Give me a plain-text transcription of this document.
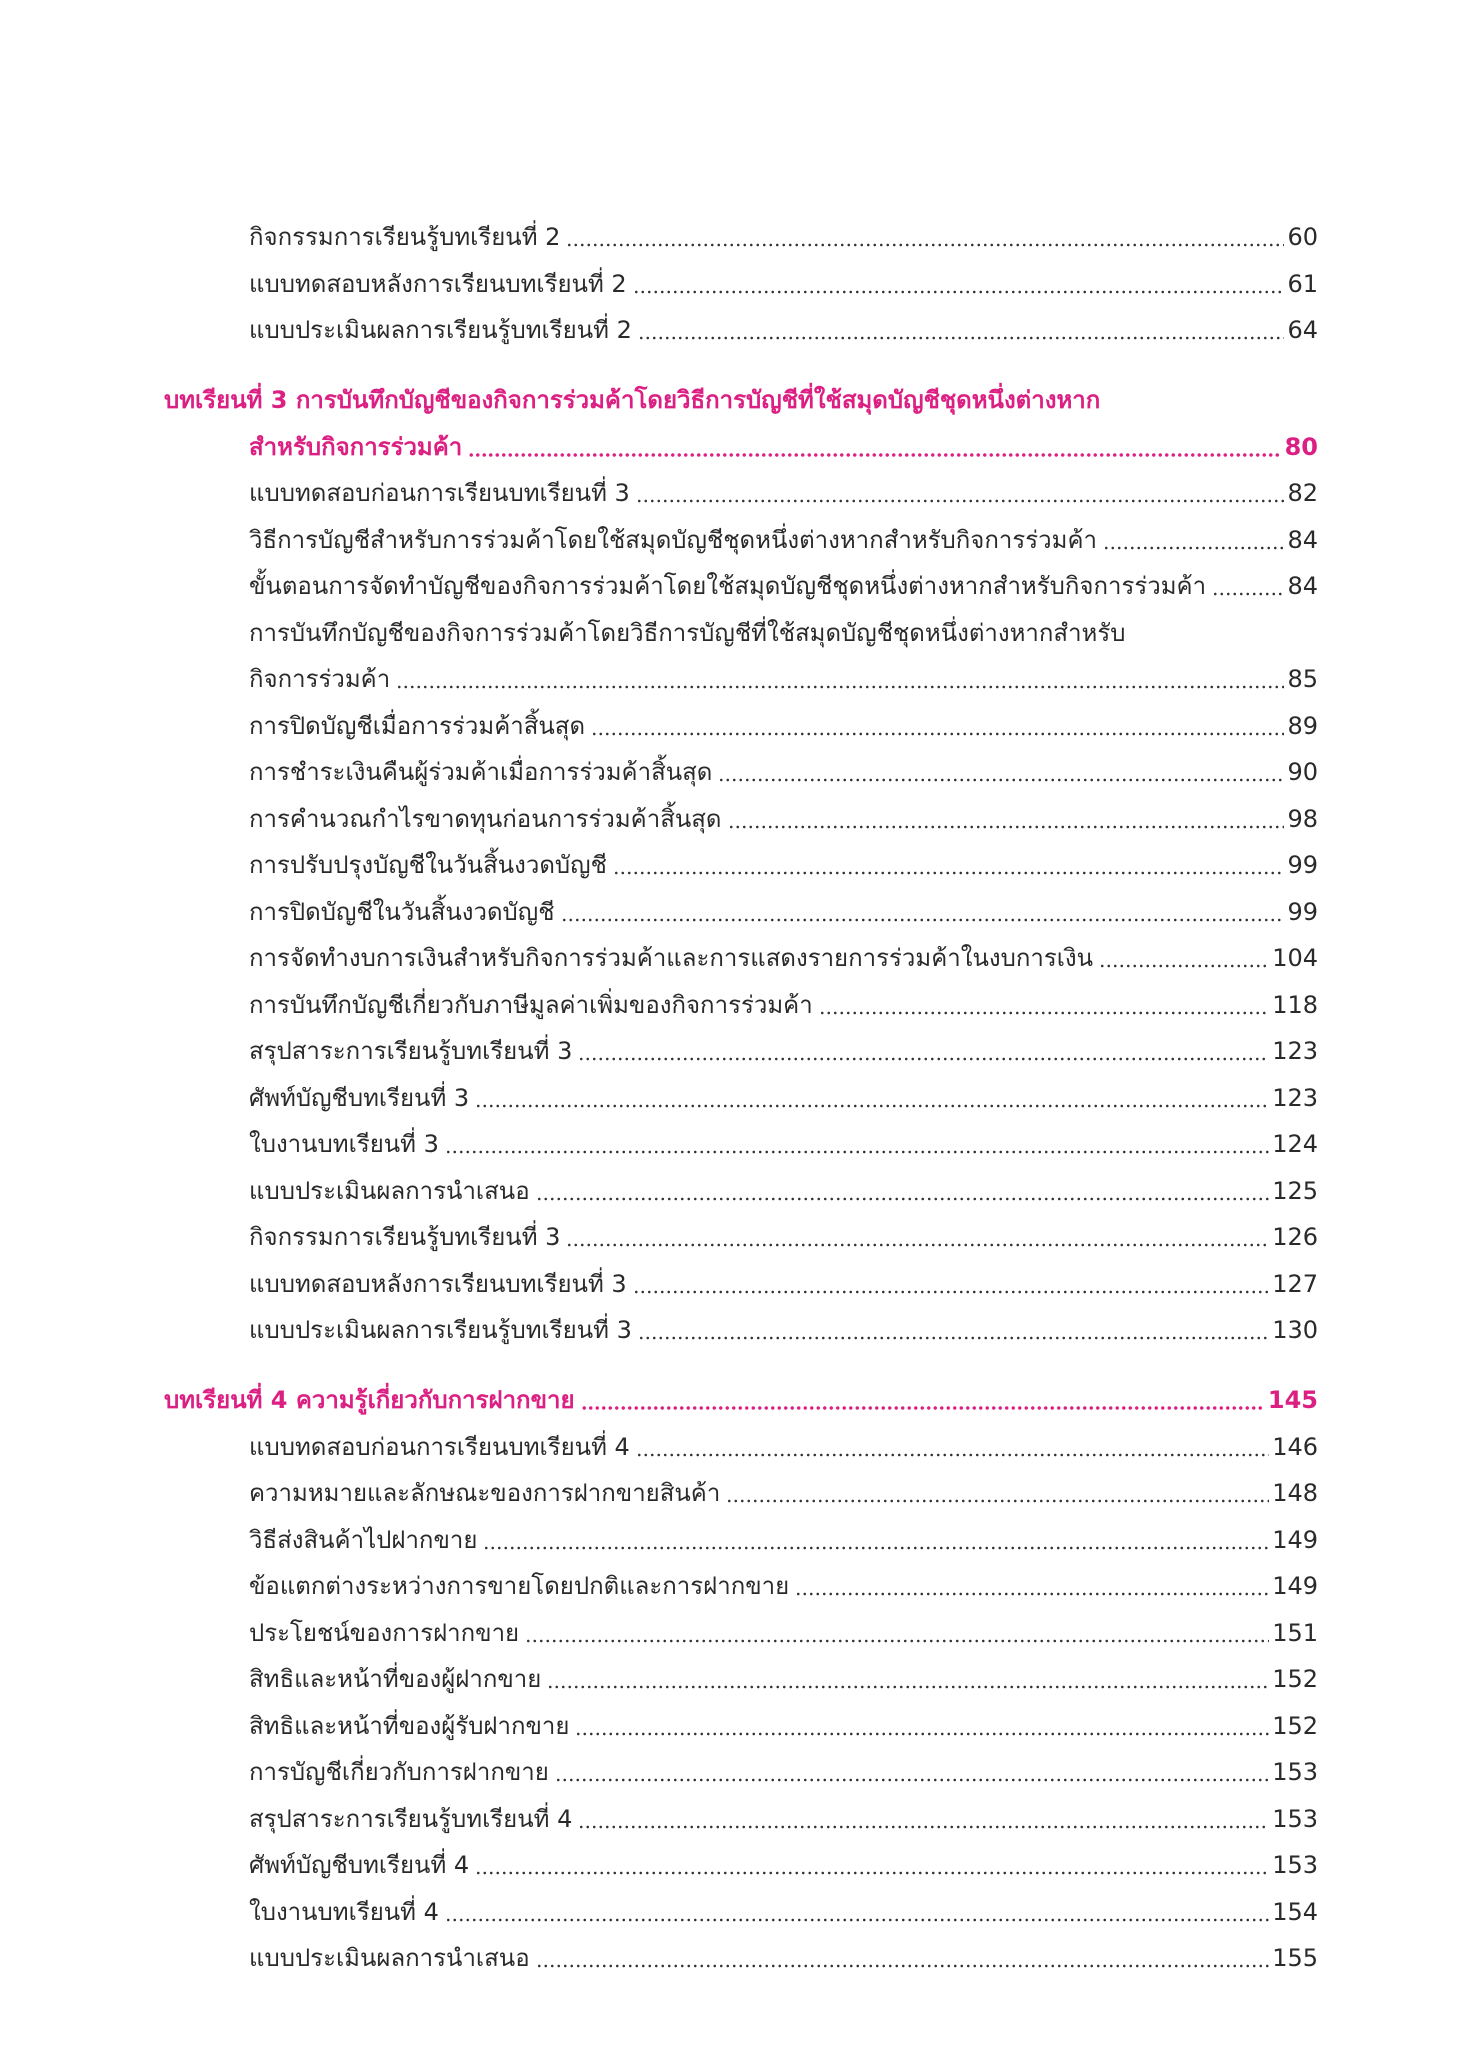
กิจกรรมการเรียนรู้บทเรียนที่ 2	60
แบบทดสอบหลังการเรียนบทเรียนที่ 2	61
แบบประเมินผลการเรียนรู้บทเรียนที่ 2	64
บทเรียนที่ 3 การบันทึกบัญชีของกิจการร่วมค้าโดยวิธีการบัญชีที่ใช้สมุดบัญชีชุดหนึ่งต่างหาก
สำหรับกิจการร่วมค้า	80
แบบทดสอบก่อนการเรียนบทเรียนที่ 3	82
วิธีการบัญชีสำหรับการร่วมค้าโดยใช้สมุดบัญชีชุดหนึ่งต่างหากสำหรับกิจการร่วมค้า	84
ขั้นตอนการจัดทำบัญชีของกิจการร่วมค้าโดยใช้สมุดบัญชีชุดหนึ่งต่างหากสำหรับกิจการร่วมค้า	84
การบันทึกบัญชีของกิจการร่วมค้าโดยวิธีการบัญชีที่ใช้สมุดบัญชีชุดหนึ่งต่างหากสำหรับ
กิจการร่วมค้า	85
การปิดบัญชีเมื่อการร่วมค้าสิ้นสุด	89
การชำระเงินคืนผู้ร่วมค้าเมื่อการร่วมค้าสิ้นสุด	90
การคำนวณกำไรขาดทุนก่อนการร่วมค้าสิ้นสุด	98
การปรับปรุงบัญชีในวันสิ้นงวดบัญชี	99
การปิดบัญชีในวันสิ้นงวดบัญชี	99
การจัดทำงบการเงินสำหรับกิจการร่วมค้าและการแสดงรายการร่วมค้าในงบการเงิน	104
การบันทึกบัญชีเกี่ยวกับภาษีมูลค่าเพิ่มของกิจการร่วมค้า	118
สรุปสาระการเรียนรู้บทเรียนที่ 3	123
ศัพท์บัญชีบทเรียนที่ 3	123
ใบงานบทเรียนที่ 3	124
แบบประเมินผลการนำเสนอ	125
กิจกรรมการเรียนรู้บทเรียนที่ 3	126
แบบทดสอบหลังการเรียนบทเรียนที่ 3	127
แบบประเมินผลการเรียนรู้บทเรียนที่ 3	130
บทเรียนที่ 4 ความรู้เกี่ยวกับการฝากขาย	145
แบบทดสอบก่อนการเรียนบทเรียนที่ 4	146
ความหมายและลักษณะของการฝากขายสินค้า	148
วิธีส่งสินค้าไปฝากขาย	149
ข้อแตกต่างระหว่างการขายโดยปกติและการฝากขาย	149
ประโยชน์ของการฝากขาย	151
สิทธิและหน้าที่ของผู้ฝากขาย	152
สิทธิและหน้าที่ของผู้รับฝากขาย	152
การบัญชีเกี่ยวกับการฝากขาย	153
สรุปสาระการเรียนรู้บทเรียนที่ 4	153
ศัพท์บัญชีบทเรียนที่ 4	153
ใบงานบทเรียนที่ 4	154
แบบประเมินผลการนำเสนอ	155
